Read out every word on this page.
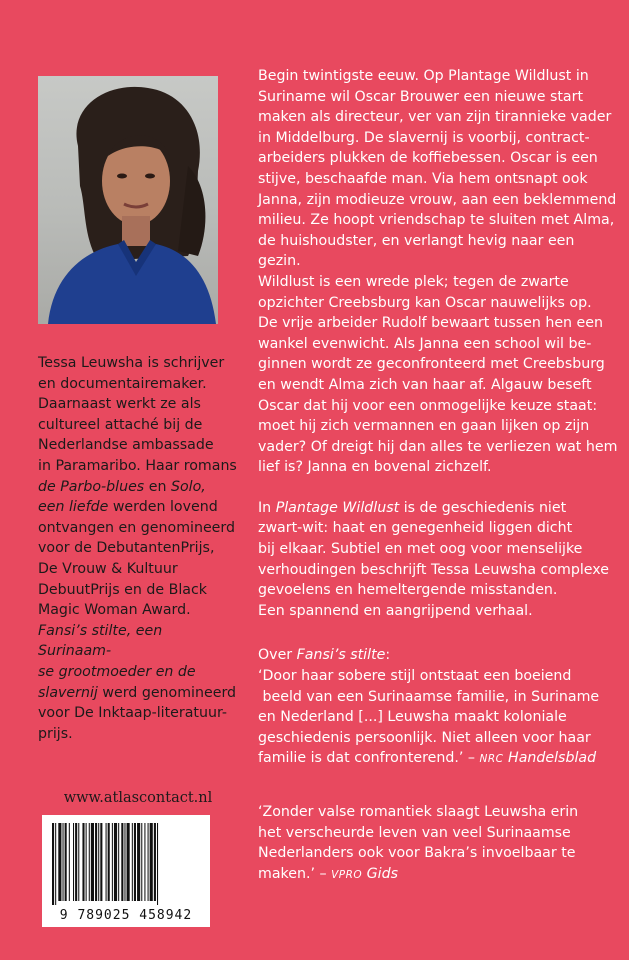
Tessa Leuwsha is schrijver

en documentairemaker.

Daarnaast werkt ze als

cultureel attaché bij de

Nederlandse ambassade

in Paramaribo. Haar romans

de Parbo-blues en Solo,

een liefde werden lovend

ontvangen en genomineerd

voor de DebutantenPrijs,

De Vrouw & Kultuur

DebuutPrijs en de Black

Magic Woman Award.

Fansi’s stilte, een Surinaam-

se grootmoeder en de

slavernij werd genomineerd

voor De Inktaap-literatuur-

prijs.

Begin twintigste eeuw. Op Plantage Wildlust in

Suriname wil Oscar Brouwer een nieuwe start

maken als directeur, ver van zijn tirannieke vader

in Middelburg. De slavernij is voorbij, contract-

arbeiders plukken de koffiebessen. Oscar is een

stijve, beschaafde man. Via hem ontsnapt ook

Janna, zijn modieuze vrouw, aan een beklemmend

milieu. Ze hoopt vriendschap te sluiten met Alma,

de huishoudster, en verlangt hevig naar een gezin.

Wildlust is een wrede plek; tegen de zwarte

opzichter Creebsburg kan Oscar nauwelijks op.

De vrije arbeider Rudolf bewaart tussen hen een

wankel evenwicht. Als Janna een school wil be-

ginnen wordt ze geconfronteerd met Creebsburg

en wendt Alma zich van haar af. Algauw beseft

Oscar dat hij voor een onmogelijke keuze staat:

moet hij zich vermannen en gaan lijken op zijn

vader? Of dreigt hij dan alles te verliezen wat hem

lief is? Janna en bovenal zichzelf.

In Plantage Wildlust is de geschiedenis niet

zwart-wit: haat en genegenheid liggen dicht

bij elkaar. Subtiel en met oog voor menselijke

verhoudingen beschrijft Tessa Leuwsha complexe

gevoelens en hemeltergende misstanden.

Een spannend en aangrijpend verhaal.

Over Fansi’s stilte:

‘Door haar sobere stijl ontstaat een boeiend

beeld van een Surinaamse familie, in Suriname

en Nederland [...] Leuwsha maakt koloniale

geschiedenis persoonlijk. Niet alleen voor haar

familie is dat confronterend.’ – NRC Handelsblad

‘Zonder valse romantiek slaagt Leuwsha erin

het verscheurde leven van veel Surinaamse

Nederlanders ook voor Bakra’s invoelbaar te

maken.’ – VPRO Gids

www.atlascontact.nl
9 789025 458942
